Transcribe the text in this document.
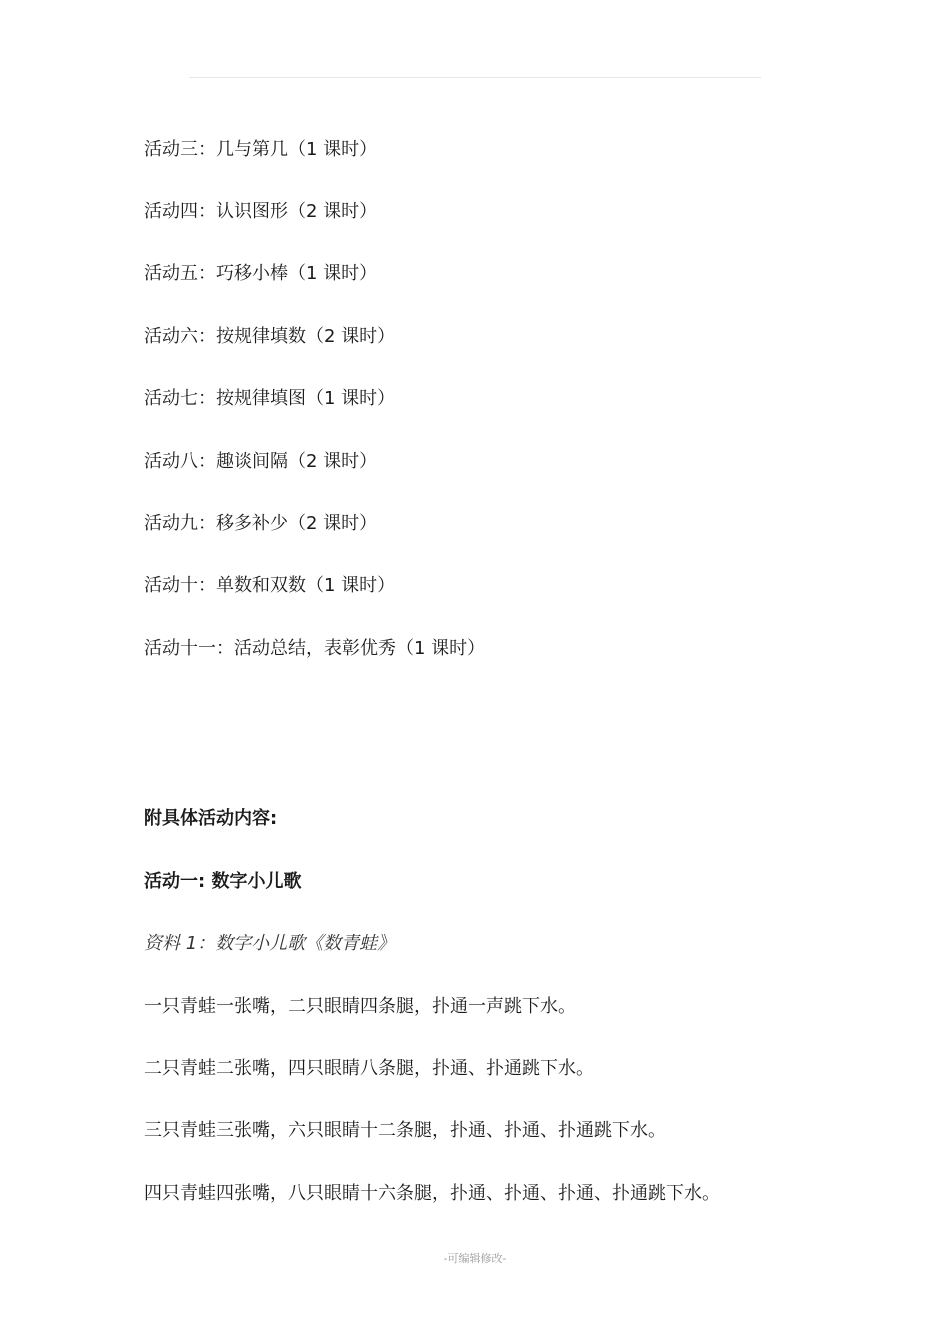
活动三：几与第几（1 课时）
活动四：认识图形（2 课时）
活动五：巧移小棒（1 课时）
活动六：按规律填数（2 课时）
活动七：按规律填图（1 课时）
活动八：趣谈间隔（2 课时）
活动九：移多补少（2 课时）
活动十：单数和双数（1 课时）
活动十一：活动总结，表彰优秀（1 课时）
附具体活动内容:
活动一: 数字小儿歌
资料 1：数字小儿歌《数青蛙》
一只青蛙一张嘴，二只眼睛四条腿，扑通一声跳下水。
二只青蛙二张嘴，四只眼睛八条腿，扑通、扑通跳下水。
三只青蛙三张嘴，六只眼睛十二条腿，扑通、扑通、扑通跳下水。
四只青蛙四张嘴，八只眼睛十六条腿，扑通、扑通、扑通、扑通跳下水。
-可编辑修改-
